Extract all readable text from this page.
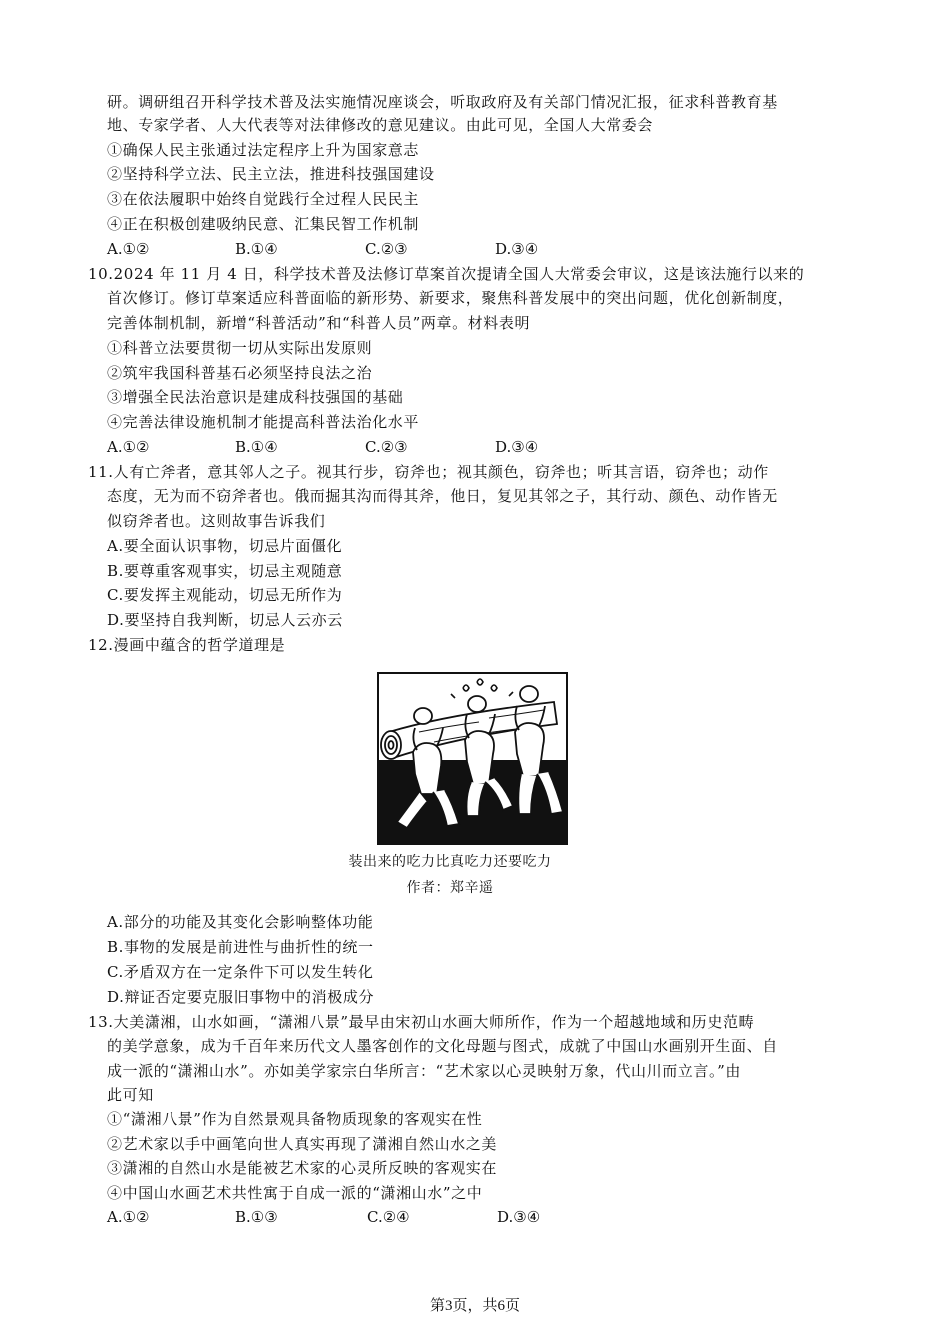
研。调研组召开科学技术普及法实施情况座谈会，听取政府及有关部门情况汇报，征求科普教育基
地、专家学者、人大代表等对法律修改的意见建议。由此可见，全国人大常委会
①确保人民主张通过法定程序上升为国家意志
②坚持科学立法、民主立法，推进科技强国建设
③在依法履职中始终自觉践行全过程人民民主
④正在积极创建吸纳民意、汇集民智工作机制
A.①②	B.①④	C.②③	D.③④
10.2024 年 11 月 4 日，科学技术普及法修订草案首次提请全国人大常委会审议，这是该法施行以来的
首次修订。修订草案适应科普面临的新形势、新要求，聚焦科普发展中的突出问题，优化创新制度，
完善体制机制，新增“科普活动”和“科普人员”两章。材料表明
①科普立法要贯彻一切从实际出发原则
②筑牢我国科普基石必须坚持良法之治
③增强全民法治意识是建成科技强国的基础
④完善法律设施机制才能提高科普法治化水平
A.①②	B.①④	C.②③	D.③④
11.人有亡斧者，意其邻人之子。视其行步，窃斧也；视其颜色，窃斧也；听其言语，窃斧也；动作
态度，无为而不窃斧者也。俄而掘其沟而得其斧，他日，复见其邻之子，其行动、颜色、动作皆无
似窃斧者也。这则故事告诉我们
A.要全面认识事物，切忌片面僵化
B.要尊重客观事实，切忌主观随意
C.要发挥主观能动，切忌无所作为
D.要坚持自我判断，切忌人云亦云
12.漫画中蕴含的哲学道理是
装出来的吃力比真吃力还要吃力
作者：郑辛遥
A.部分的功能及其变化会影响整体功能
B.事物的发展是前进性与曲折性的统一
C.矛盾双方在一定条件下可以发生转化
D.辩证否定要克服旧事物中的消极成分
13.大美潇湘，山水如画，“潇湘八景”最早由宋初山水画大师所作，作为一个超越地域和历史范畴
的美学意象，成为千百年来历代文人墨客创作的文化母题与图式，成就了中国山水画别开生面、自
成一派的“潇湘山水”。亦如美学家宗白华所言：“艺术家以心灵映射万象，代山川而立言。”由
此可知
①“潇湘八景”作为自然景观具备物质现象的客观实在性
②艺术家以手中画笔向世人真实再现了潇湘自然山水之美
③潇湘的自然山水是能被艺术家的心灵所反映的客观实在
④中国山水画艺术共性寓于自成一派的“潇湘山水”之中
A.①②	B.①③	C.②④	D.③④
第3页，共6页
